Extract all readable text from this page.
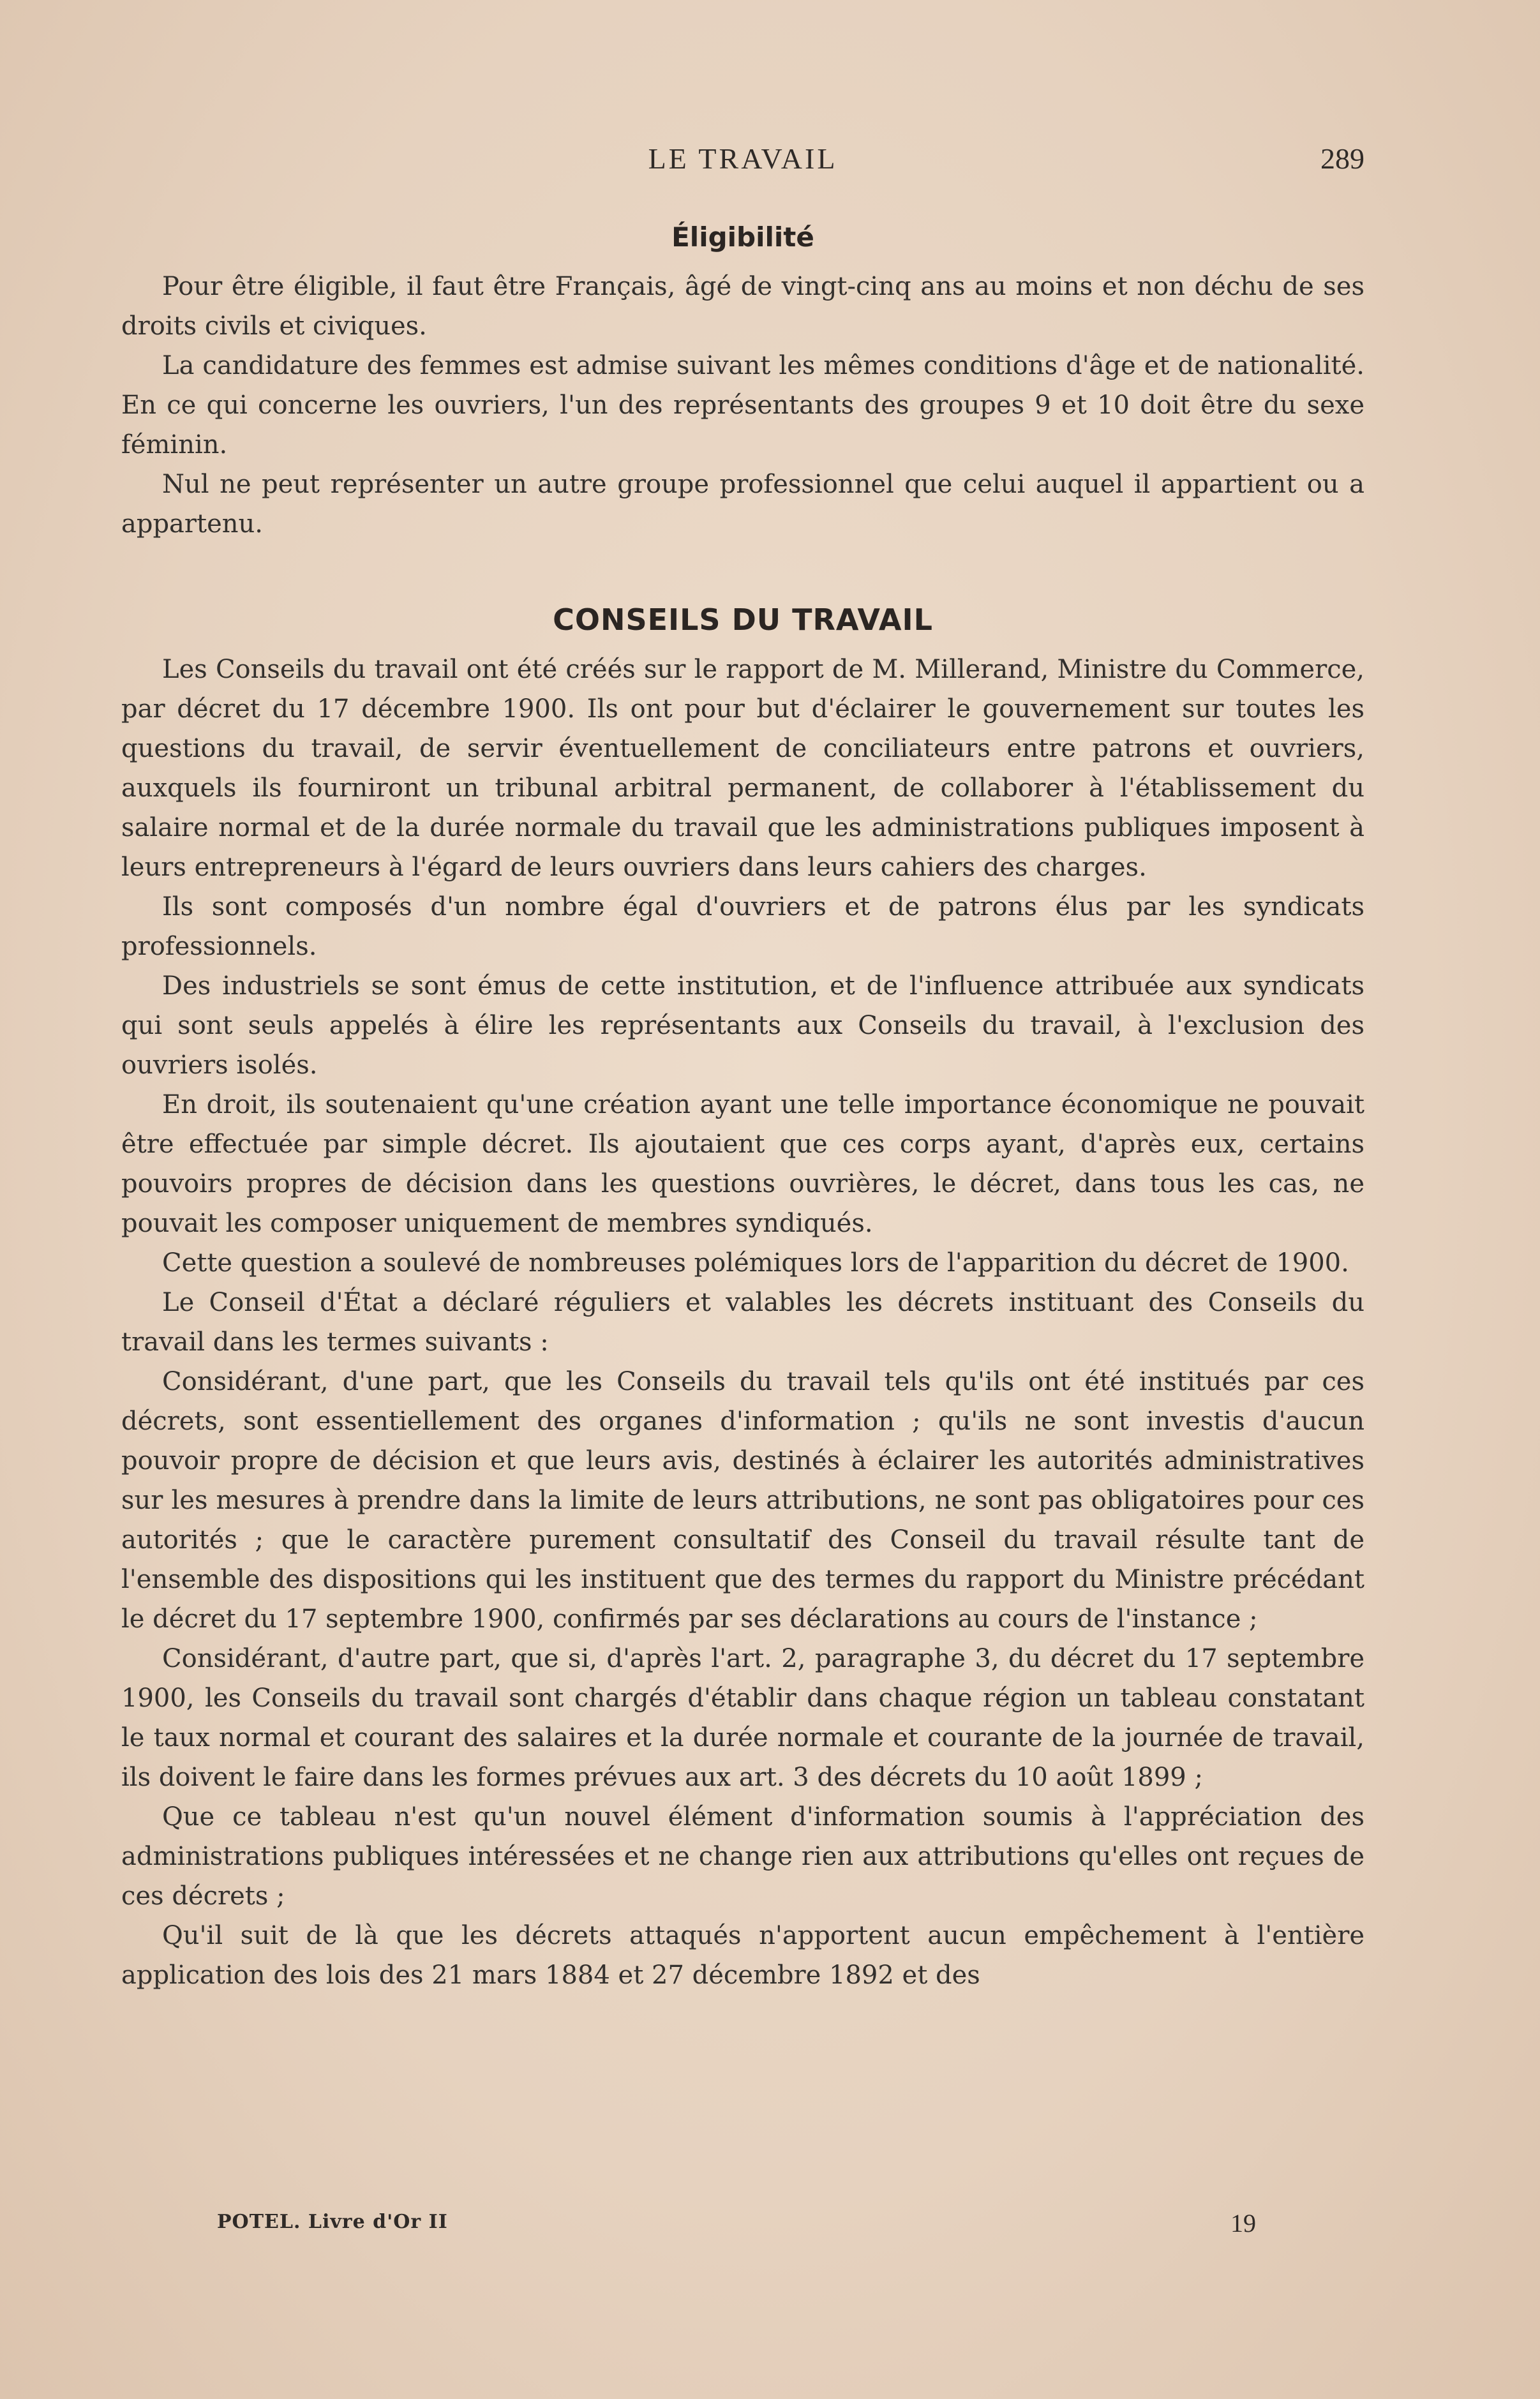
LE TRAVAIL	289
Éligibilité

Pour être éligible, il faut être Français, âgé de vingt-cinq ans au moins et non déchu de ses droits civils et civiques.

La candidature des femmes est admise suivant les mêmes conditions d'âge et de nationalité. En ce qui concerne les ouvriers, l'un des représentants des groupes 9 et 10 doit être du sexe féminin.

Nul ne peut représenter un autre groupe professionnel que celui auquel il appartient ou a appartenu.

CONSEILS DU TRAVAIL

Les Conseils du travail ont été créés sur le rapport de M. Millerand, Ministre du Commerce, par décret du 17 décembre 1900. Ils ont pour but d'éclairer le gouvernement sur toutes les questions du travail, de servir éventuellement de conciliateurs entre patrons et ouvriers, auxquels ils fourniront un tribunal arbitral permanent, de collaborer à l'établissement du salaire normal et de la durée normale du travail que les administrations publiques imposent à leurs entrepreneurs à l'égard de leurs ouvriers dans leurs cahiers des charges.

Ils sont composés d'un nombre égal d'ouvriers et de patrons élus par les syndicats professionnels.

Des industriels se sont émus de cette institution, et de l'influence attribuée aux syndicats qui sont seuls appelés à élire les représentants aux Conseils du travail, à l'exclusion des ouvriers isolés.

En droit, ils soutenaient qu'une création ayant une telle importance économique ne pouvait être effectuée par simple décret. Ils ajoutaient que ces corps ayant, d'après eux, certains pouvoirs propres de décision dans les questions ouvrières, le décret, dans tous les cas, ne pouvait les composer uniquement de membres syndiqués.

Cette question a soulevé de nombreuses polémiques lors de l'apparition du décret de 1900.

Le Conseil d'État a déclaré réguliers et valables les décrets instituant des Conseils du travail dans les termes suivants :

Considérant, d'une part, que les Conseils du travail tels qu'ils ont été institués par ces décrets, sont essentiellement des organes d'information ; qu'ils ne sont investis d'aucun pouvoir propre de décision et que leurs avis, destinés à éclairer les autorités administratives sur les mesures à prendre dans la limite de leurs attributions, ne sont pas obligatoires pour ces autorités ; que le caractère purement consultatif des Conseil du travail résulte tant de l'ensemble des dispositions qui les instituent que des termes du rapport du Ministre précédant le décret du 17 septembre 1900, confirmés par ses déclarations au cours de l'instance ;

Considérant, d'autre part, que si, d'après l'art. 2, paragraphe 3, du décret du 17 septembre 1900, les Conseils du travail sont chargés d'établir dans chaque région un tableau constatant le taux normal et courant des salaires et la durée normale et courante de la journée de travail, ils doivent le faire dans les formes prévues aux art. 3 des décrets du 10 août 1899 ;

Que ce tableau n'est qu'un nouvel élément d'information soumis à l'appréciation des administrations publiques intéressées et ne change rien aux attributions qu'elles ont reçues de ces décrets ;

Qu'il suit de là que les décrets attaqués n'apportent aucun empêchement à l'entière application des lois des 21 mars 1884 et 27 décembre 1892 et des

POTEL. Livre d'Or II	19
